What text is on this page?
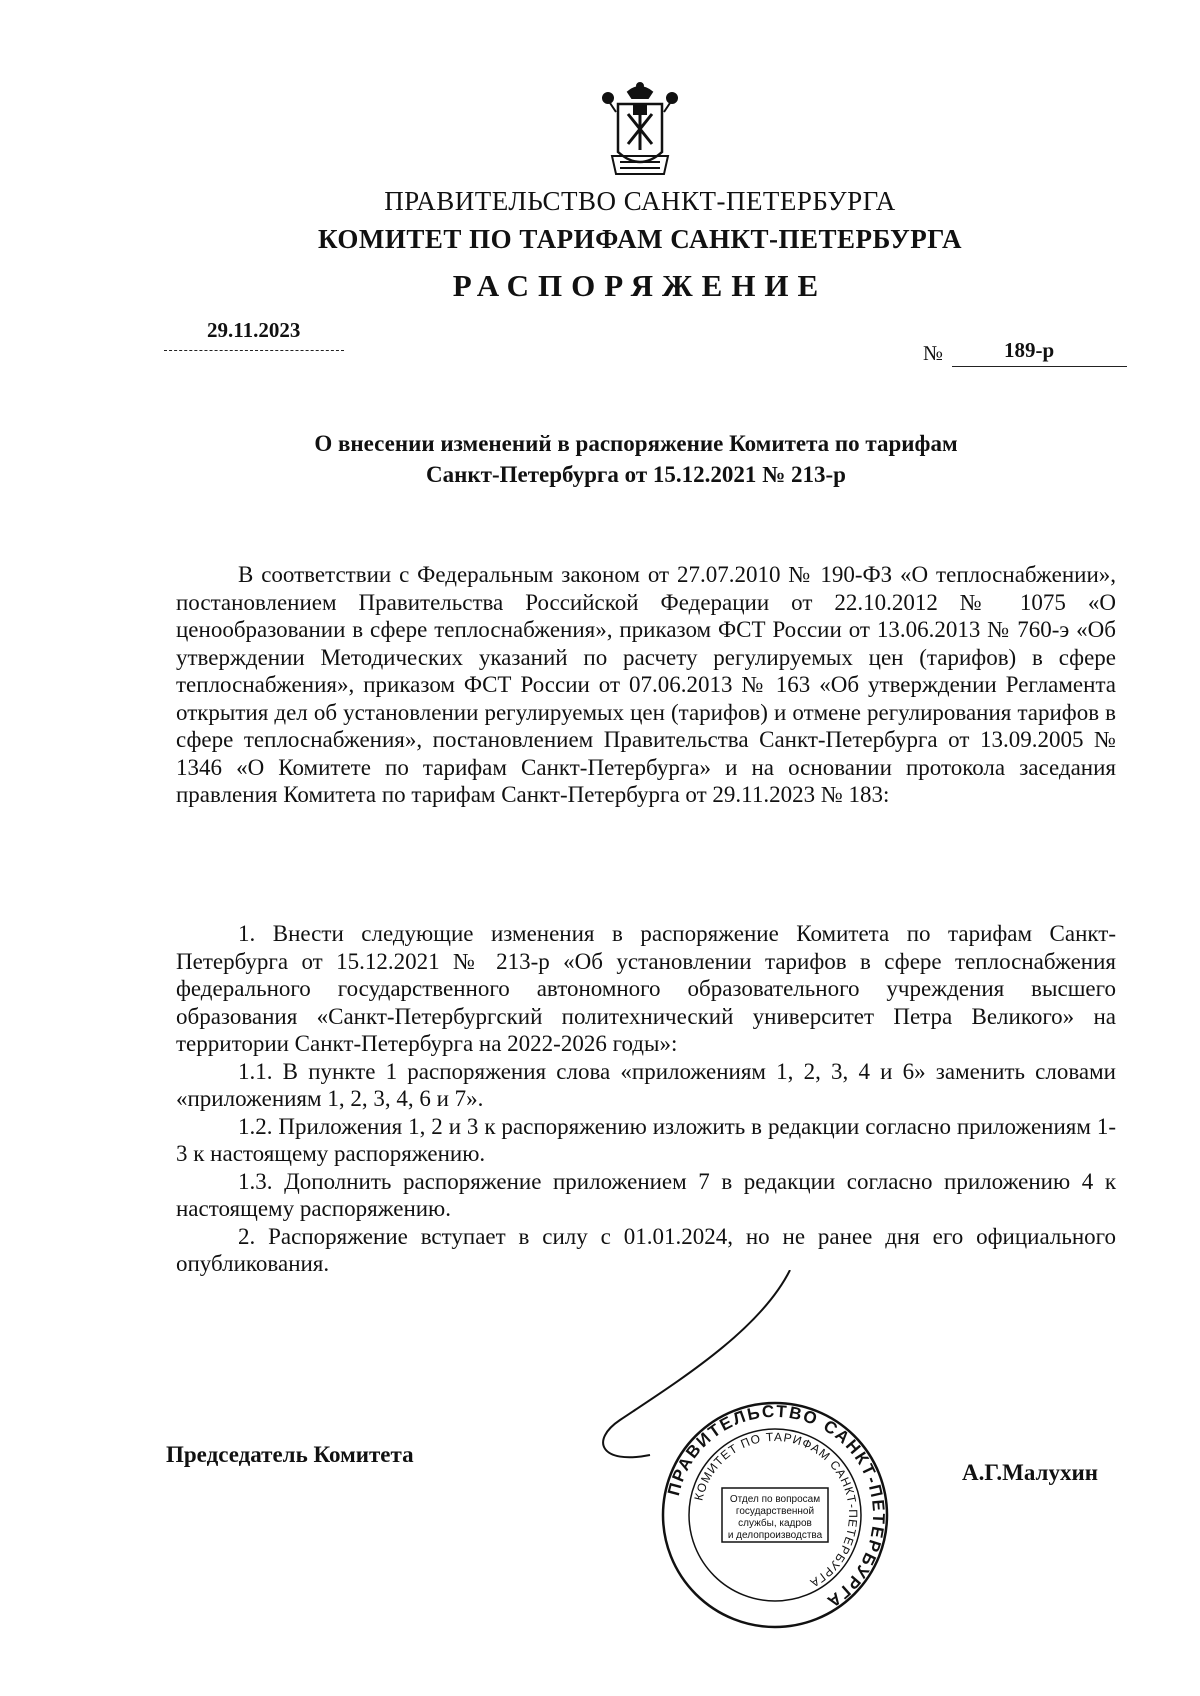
ПРАВИТЕЛЬСТВО САНКТ-ПЕТЕРБУРГА
КОМИТЕТ ПО ТАРИФАМ САНКТ-ПЕТЕРБУРГА
РАСПОРЯЖЕНИЕ
29.11.2023
№	189-р
О внесении изменений в распоряжение Комитета по тарифам
Санкт-Петербурга от 15.12.2021 № 213-р

В соответствии с Федеральным законом от 27.07.2010 № 190-ФЗ «О теплоснабжении», постановлением Правительства Российской Федерации от 22.10.2012 № 1075 «О ценообразовании в сфере теплоснабжения», приказом ФСТ России от 13.06.2013 № 760-э «Об утверждении Методических указаний по расчету регулируемых цен (тарифов) в сфере теплоснабжения», приказом ФСТ России от 07.06.2013 № 163 «Об утверждении Регламента открытия дел об установлении регулируемых цен (тарифов) и отмене регулирования тарифов в сфере теплоснабжения», постановлением Правительства Санкт-Петербурга от 13.09.2005 № 1346 «О Комитете по тарифам Санкт-Петербурга» и на основании протокола заседания правления Комитета по тарифам Санкт-Петербурга от 29.11.2023 № 183:

1. Внести следующие изменения в распоряжение Комитета по тарифам Санкт-Петербурга от 15.12.2021 № 213-р «Об установлении тарифов в сфере теплоснабжения федерального государственного автономного образовательного учреждения высшего образования «Санкт-Петербургский политехнический университет Петра Великого» на территории Санкт-Петербурга на 2022-2026 годы»:

1.1. В пункте 1 распоряжения слова «приложениям 1, 2, 3, 4 и 6» заменить словами «приложениям 1, 2, 3, 4, 6 и 7».

1.2. Приложения 1, 2 и 3 к распоряжению изложить в редакции согласно приложениям 1-3 к настоящему распоряжению.

1.3. Дополнить распоряжение приложением 7 в редакции согласно приложению 4 к настоящему распоряжению.

2. Распоряжение вступает в силу с 01.01.2024, но не ранее дня его официального опубликования.

Председатель Комитета
А.Г.Малухин
ПРАВИТЕЛЬСТВО САНКТ-ПЕТЕРБУРГА
КОМИТЕТ ПО ТАРИФАМ САНКТ-ПЕТЕРБУРГА
Отдел по вопросам
государственной
службы, кадров
и делопроизводства
